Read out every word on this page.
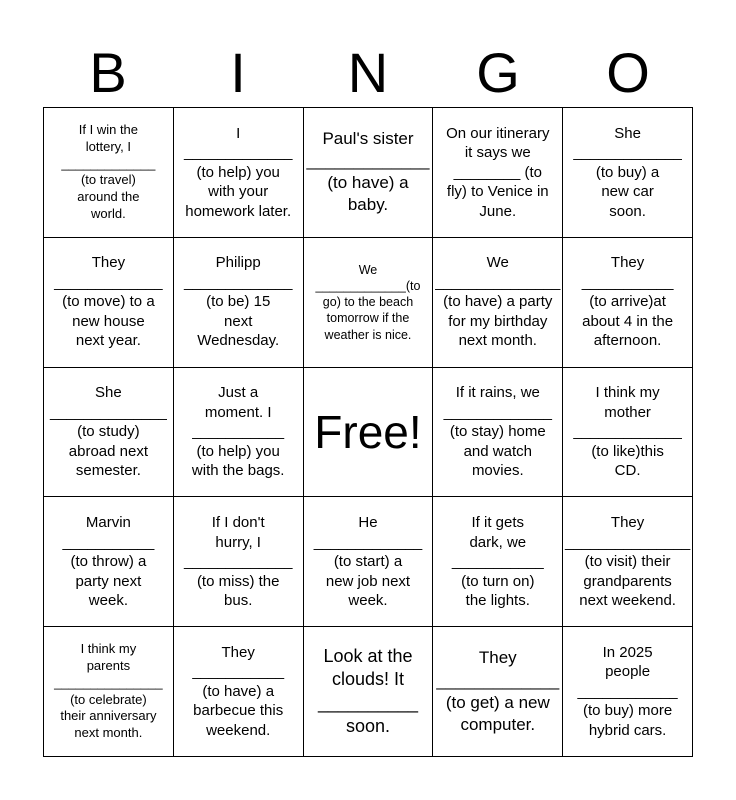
B	I	N	G	O
If I win the
lottery, I
_____________
(to travel)
around the
world.
I
_____________
(to help) you
with your
homework later.
Paul's sister
_____________
(to have) a
baby.
On our itinerary
it says we
________ (to
fly) to Venice in
June.
She
_____________
(to buy) a
new car
soon.
They
_____________
(to move) to a
new house
next year.
Philipp
_____________
(to be) 15
next
Wednesday.
We
_____________(to
go) to the beach
tomorrow if the
weather is nice.
We
_______________
(to have) a party
for my birthday
next month.
They
___________
(to arrive)at
about 4 in the
afternoon.
She
______________
(to study)
abroad next
semester.
Just a
moment. I
___________
(to help) you
with the bags.
Free!
If it rains, we
_____________
(to stay) home
and watch
movies.
I think my
mother
_____________
(to like)this
CD.
Marvin
___________
(to throw) a
party next
week.
If I don't
hurry, I
_____________
(to miss) the
bus.
He
_____________
(to start) a
new job next
week.
If it gets
dark, we
___________
(to turn on)
the lights.
They
_______________
(to visit) their
grandparents
next weekend.
I think my
parents
_______________
(to celebrate)
their anniversary
next month.
They
___________
(to have) a
barbecue this
weekend.
Look at the
clouds! It
__________
soon.
They
_____________
(to get) a new
computer.
In 2025
people
____________
(to buy) more
hybrid cars.
